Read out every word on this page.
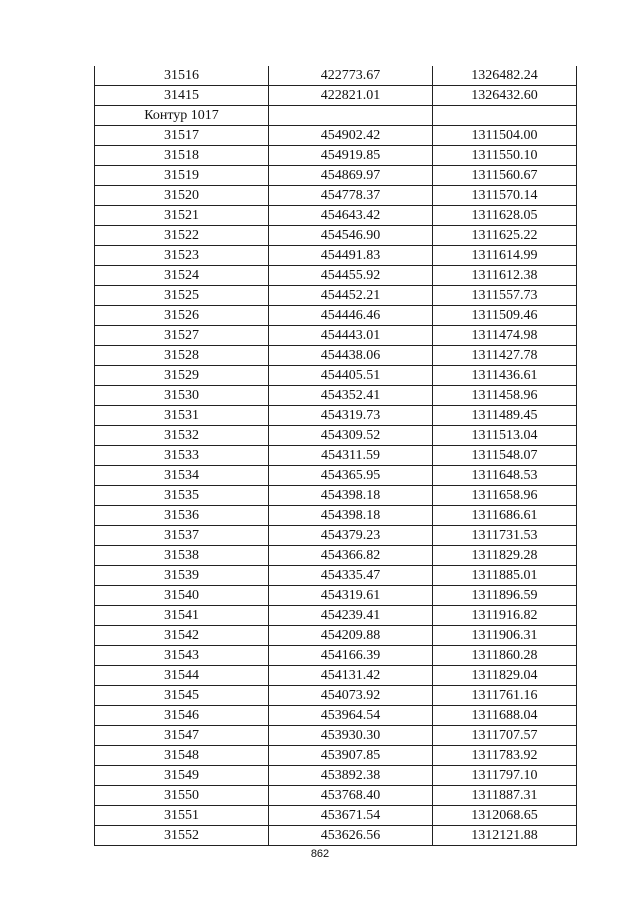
31516	422773.67	1326482.24
31415	422821.01	1326432.60
Контур 1017		
31517	454902.42	1311504.00
31518	454919.85	1311550.10
31519	454869.97	1311560.67
31520	454778.37	1311570.14
31521	454643.42	1311628.05
31522	454546.90	1311625.22
31523	454491.83	1311614.99
31524	454455.92	1311612.38
31525	454452.21	1311557.73
31526	454446.46	1311509.46
31527	454443.01	1311474.98
31528	454438.06	1311427.78
31529	454405.51	1311436.61
31530	454352.41	1311458.96
31531	454319.73	1311489.45
31532	454309.52	1311513.04
31533	454311.59	1311548.07
31534	454365.95	1311648.53
31535	454398.18	1311658.96
31536	454398.18	1311686.61
31537	454379.23	1311731.53
31538	454366.82	1311829.28
31539	454335.47	1311885.01
31540	454319.61	1311896.59
31541	454239.41	1311916.82
31542	454209.88	1311906.31
31543	454166.39	1311860.28
31544	454131.42	1311829.04
31545	454073.92	1311761.16
31546	453964.54	1311688.04
31547	453930.30	1311707.57
31548	453907.85	1311783.92
31549	453892.38	1311797.10
31550	453768.40	1311887.31
31551	453671.54	1312068.65
31552	453626.56	1312121.88
862
